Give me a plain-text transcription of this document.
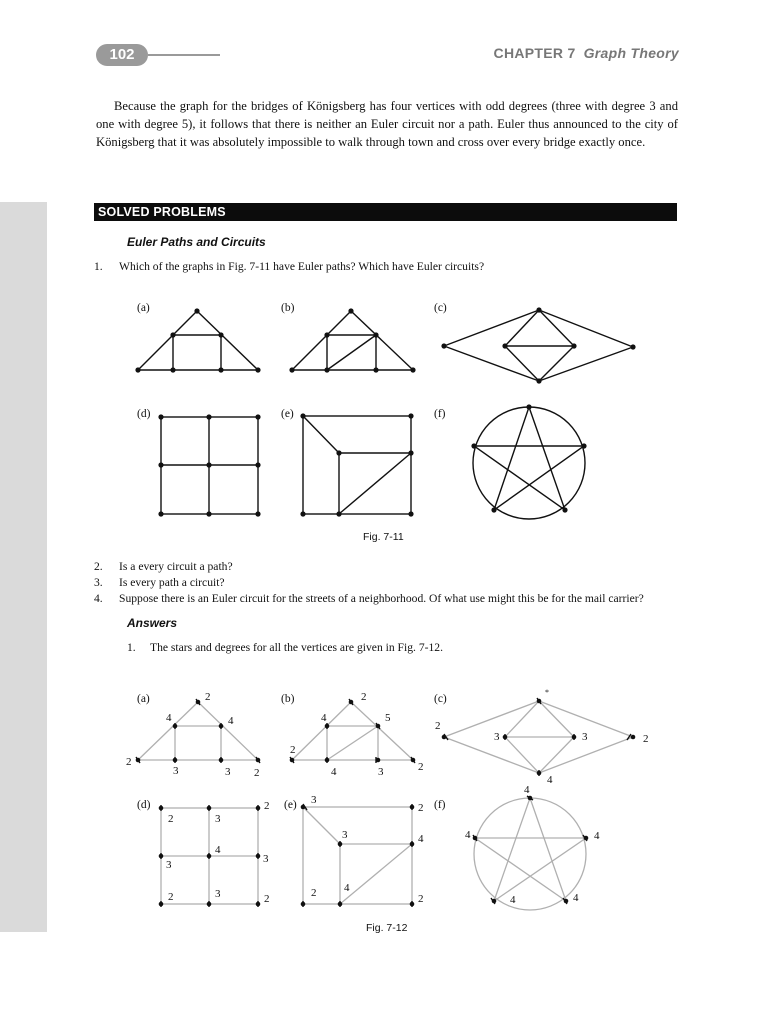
102	CHAPTER 7 Graph Theory
Because the graph for the bridges of Königsberg has four vertices with odd degrees (three with degree 3 and one with degree 5), it follows that there is neither an Euler circuit nor a path. Euler thus announced to the city of Königsberg that it was absolutely impossible to walk through town and cross over every bridge exactly once.
SOLVED PROBLEMS
Euler Paths and Circuits
1. Which of the graphs in Fig. 7-11 have Euler paths? Which have Euler circuits?
2. Is a every circuit a path?
3. Is every path a circuit?
4. Suppose there is an Euler circuit for the streets of a neighborhood. Of what use might this be for the mail carrier?
Answers
1. The stars and degrees for all the vertices are given in Fig. 7-12.
(a)	(b)	(c)
(d)	(e)	(f)
Fig. 7-11
(a)	(b)	(c)
(d)	(e)	(f)
Fig. 7-12
2
4	4
2
3	3 2
2
4	5
2
2
4	3
*
2
3	3	2
4
2	3
2
3
4
3
2	3	2
3
2
3	4
2	4
2
4
4
4
4
4
